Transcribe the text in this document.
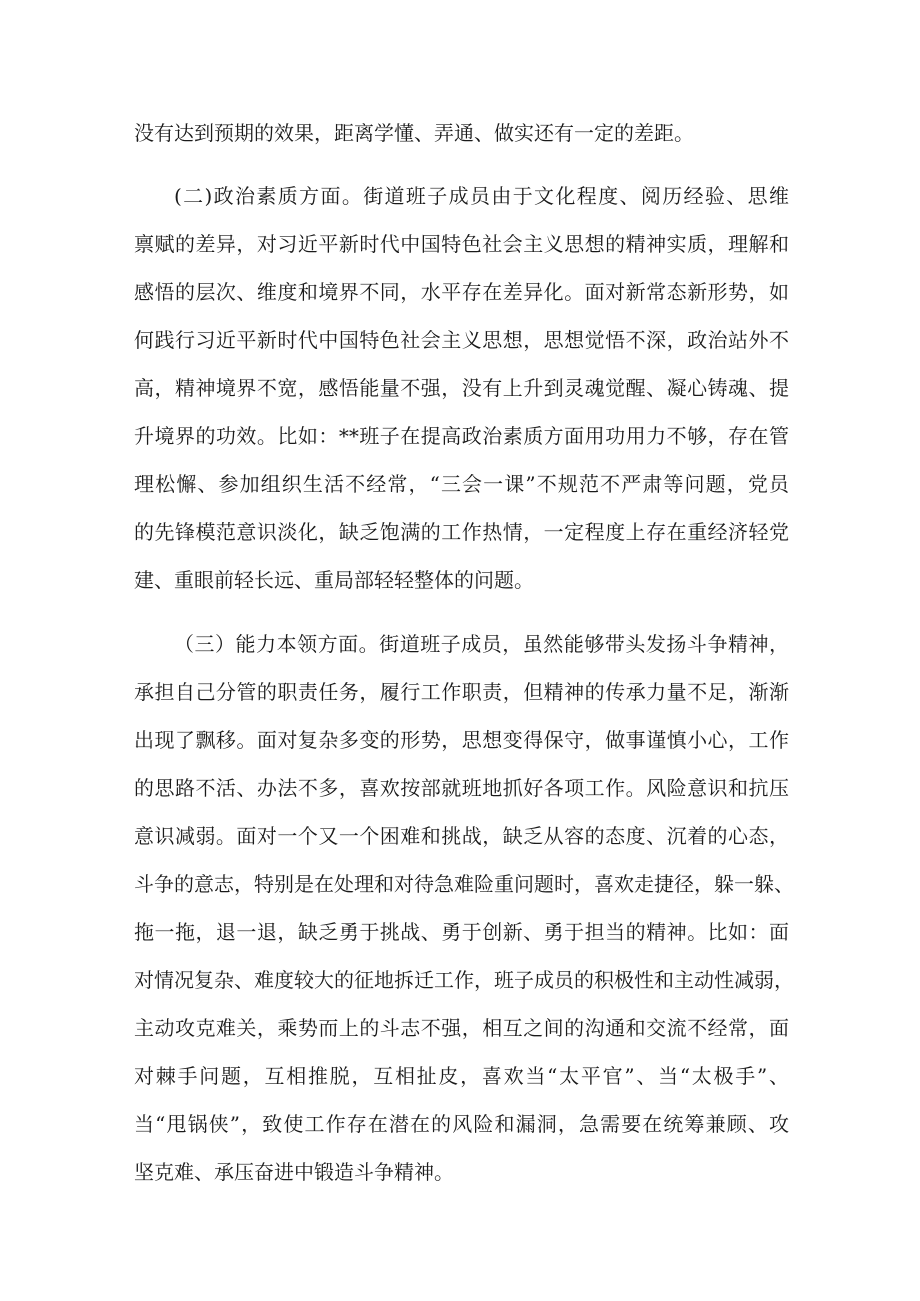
没有达到预期的效果，距离学懂、弄通、做实还有一定的差距。
(二)政治素质方面。街道班子成员由于文化程度、阅历经验、思维
禀赋的差异，对习近平新时代中国特色社会主义思想的精神实质，理解和
感悟的层次、维度和境界不同，水平存在差异化。面对新常态新形势，如
何践行习近平新时代中国特色社会主义思想，思想觉悟不深，政治站外不
高，精神境界不宽，感悟能量不强，没有上升到灵魂觉醒、凝心铸魂、提
升境界的功效。比如：**班子在提高政治素质方面用功用力不够，存在管
理松懈、参加组织生活不经常，“三会一课”不规范不严肃等问题，党员
的先锋模范意识淡化，缺乏饱满的工作热情，一定程度上存在重经济轻党
建、重眼前轻长远、重局部轻轻整体的问题。
（三）能力本领方面。街道班子成员，虽然能够带头发扬斗争精神，
承担自己分管的职责任务，履行工作职责，但精神的传承力量不足，渐渐
出现了飘移。面对复杂多变的形势，思想变得保守，做事谨慎小心，工作
的思路不活、办法不多，喜欢按部就班地抓好各项工作。风险意识和抗压
意识减弱。面对一个又一个困难和挑战，缺乏从容的态度、沉着的心态，
斗争的意志，特别是在处理和对待急难险重问题时，喜欢走捷径，躲一躲、
拖一拖，退一退，缺乏勇于挑战、勇于创新、勇于担当的精神。比如：面
对情况复杂、难度较大的征地拆迁工作，班子成员的积极性和主动性减弱，
主动攻克难关，乘势而上的斗志不强，相互之间的沟通和交流不经常，面
对棘手问题，互相推脱，互相扯皮，喜欢当“太平官”、当“太极手”、
当“甩锅侠”，致使工作存在潜在的风险和漏洞，急需要在统筹兼顾、攻
坚克难、承压奋进中锻造斗争精神。
